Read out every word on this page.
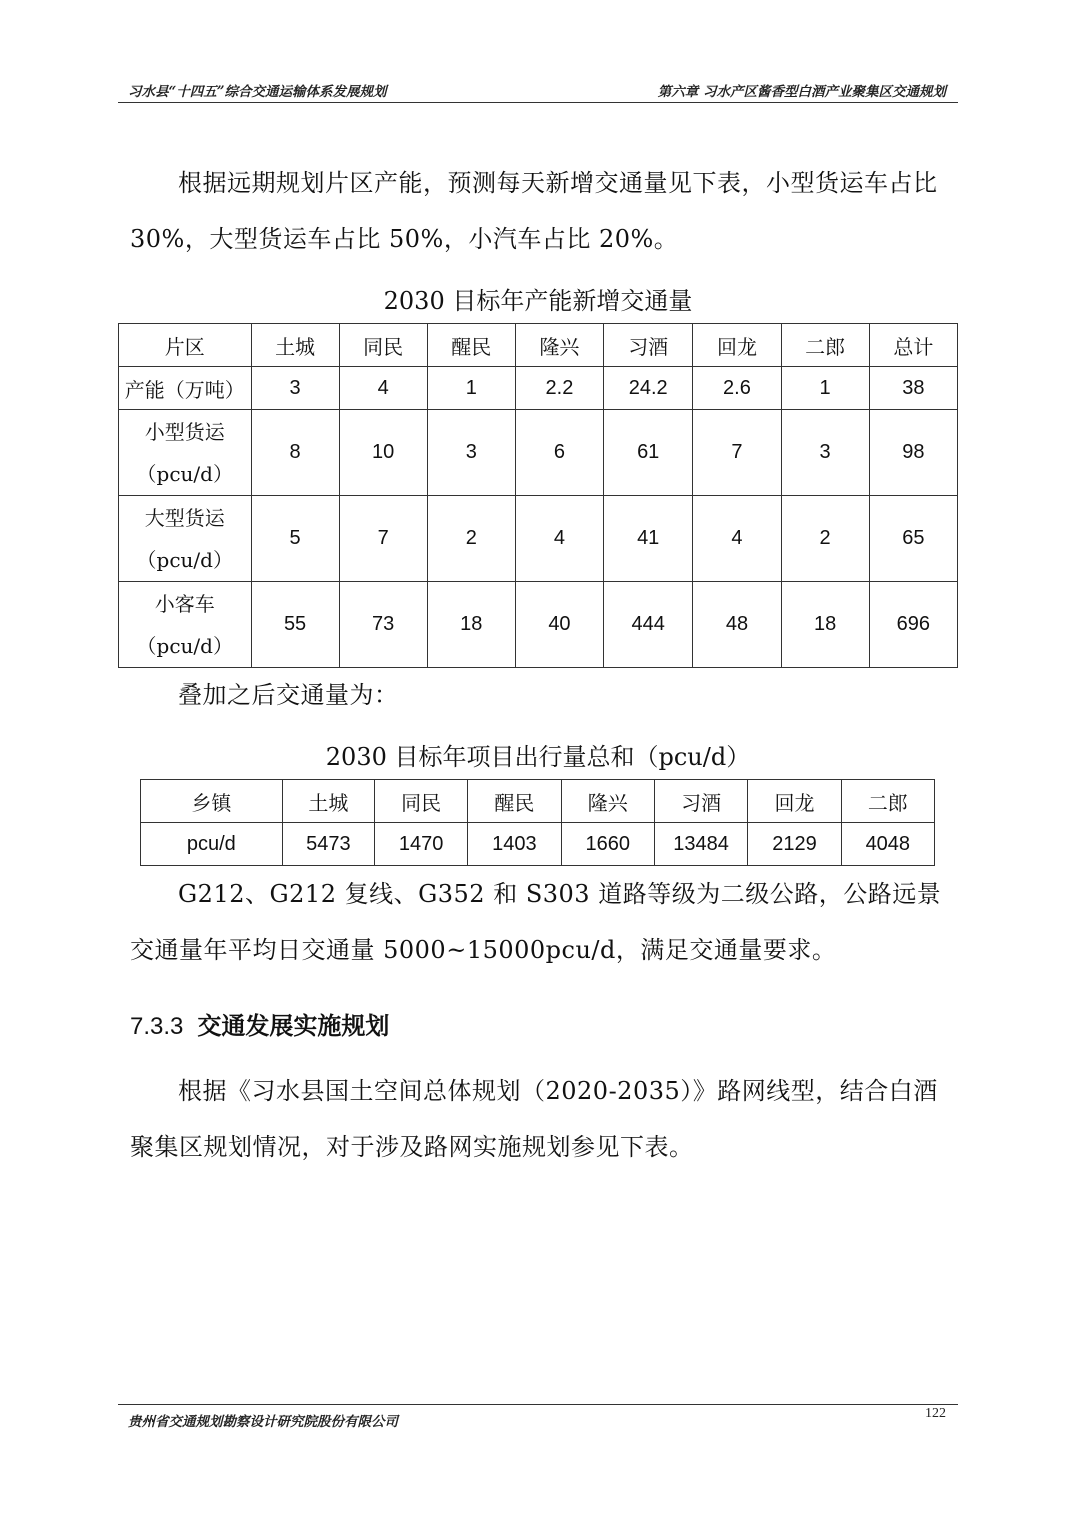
习水县“十四五”综合交通运输体系发展规划	第六章 习水产区酱香型白酒产业聚集区交通规划
根据远期规划片区产能，预测每天新增交通量见下表，小型货运车占比 30%，大型货运车占比 50%，小汽车占比 20%。
2030 目标年产能新增交通量
片区	土城	同民	醒民	隆兴	习酒	回龙	二郎	总计
产能（万吨）	3	4	1	2.2	24.2	2.6	1	38

小型货运
（pcu/d）	8	10	3	6	61	7	3	98

大型货运
（pcu/d）	5	7	2	4	41	4	2	65

小客车
（pcu/d）	55	73	18	40	444	48	18	696
叠加之后交通量为：
2030 目标年项目出行量总和（pcu/d）
乡镇	土城	同民	醒民	隆兴	习酒	回龙	二郎
pcu/d	5473	1470	1403	1660	13484	2129	4048
G212、G212 复线、G352 和 S303 道路等级为二级公路，公路远景交通量年平均日交通量 5000~15000pcu/d，满足交通量要求。
7.3.3 交通发展实施规划
根据《习水县国土空间总体规划（2020-2035）》路网线型，结合白酒聚集区规划情况，对于涉及路网实施规划参见下表。
贵州省交通规划勘察设计研究院股份有限公司
122
